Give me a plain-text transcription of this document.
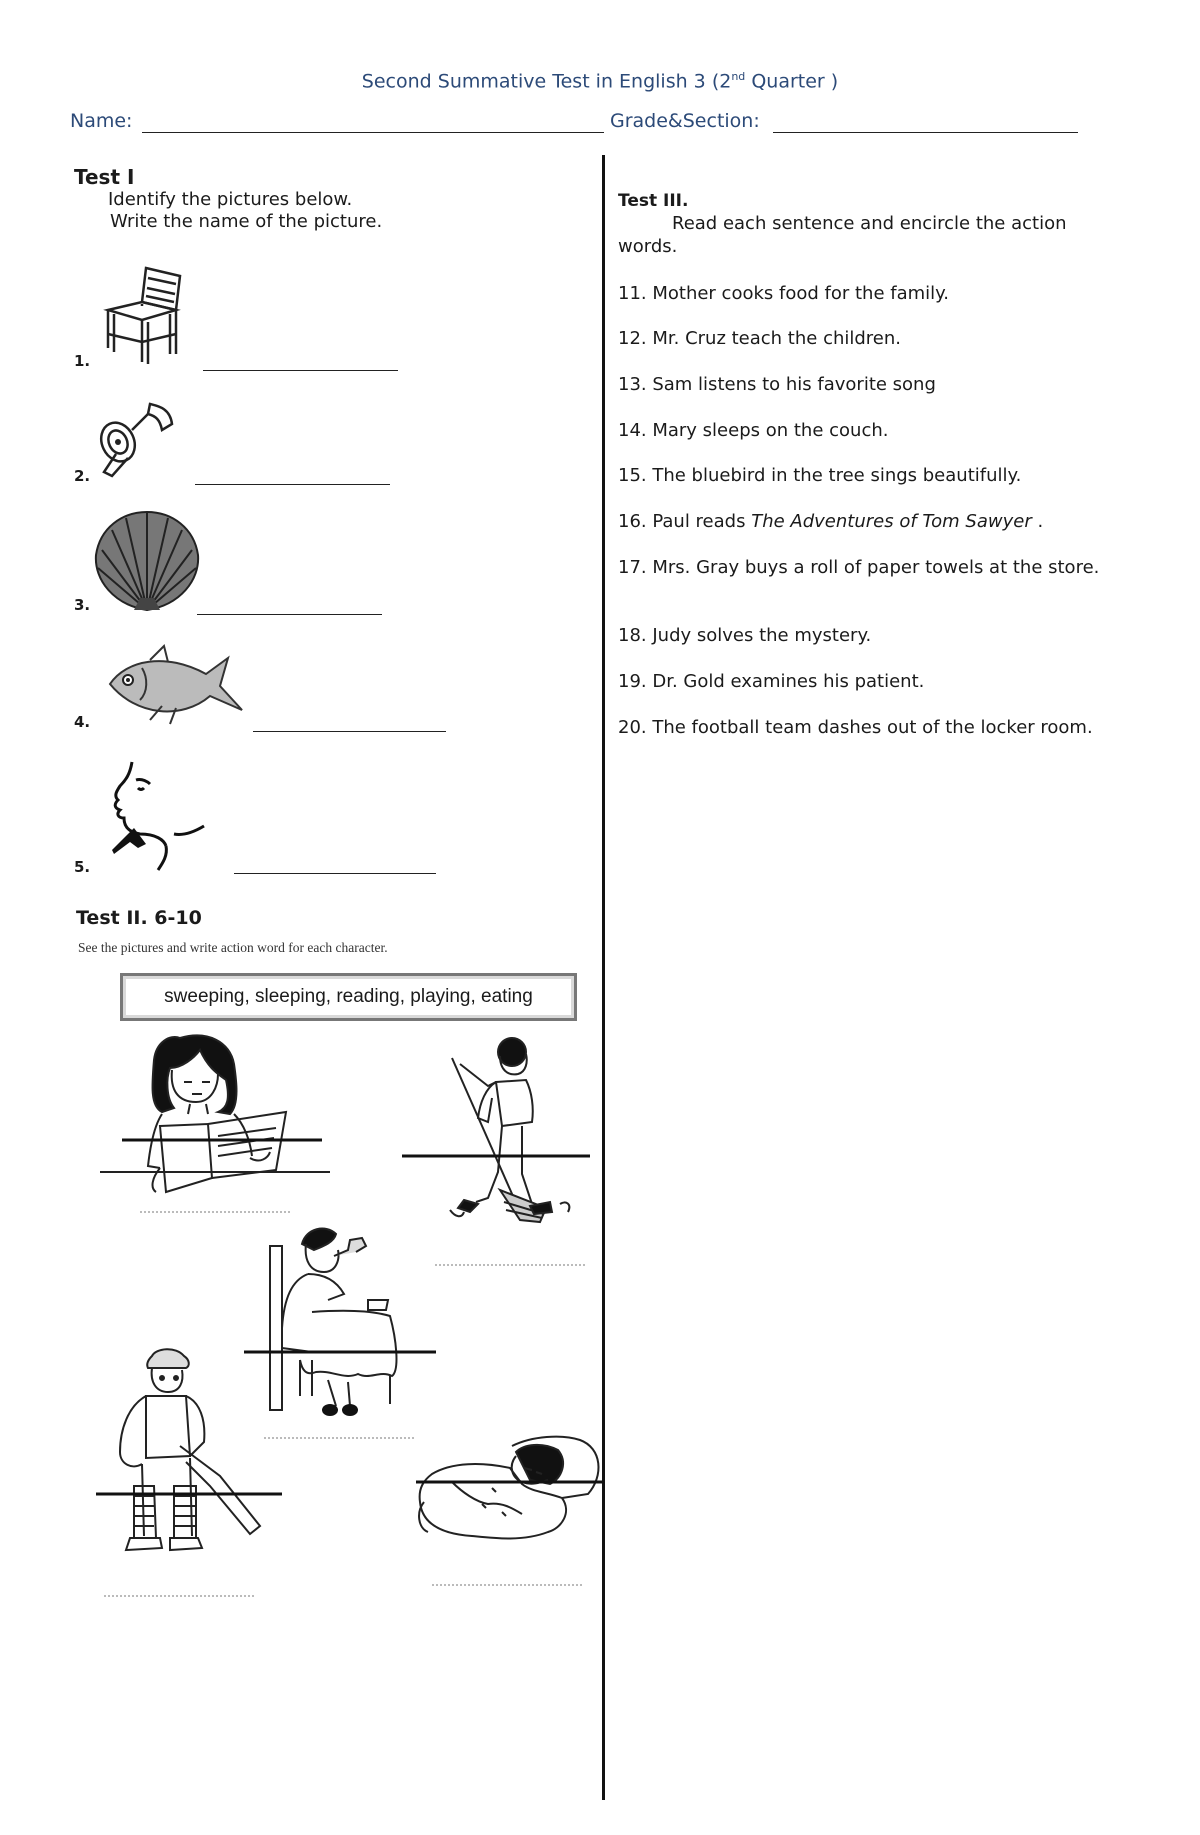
Second Summative Test in English 3 (2nd Quarter )
Name:	Grade&Section:
Test I
Identify the pictures below.
Write the name of the picture.
1.
2.
3.
4.
5.
Test II. 6-10
See the pictures and write action word for each character.
sweeping, sleeping, reading, playing, eating
Test III.
Read each sentence and encircle the action words.
11. Mother cooks food for the family.
12. Mr. Cruz teach the children.
13. Sam listens to his favorite song
14. Mary sleeps on the couch.
15. The bluebird in the tree sings beautifully.
16. Paul reads The Adventures of Tom Sawyer .
17. Mrs. Gray buys a roll of paper towels at the store.
18. Judy solves the mystery.
19. Dr. Gold examines his patient.
20. The football team dashes out of the locker room.
